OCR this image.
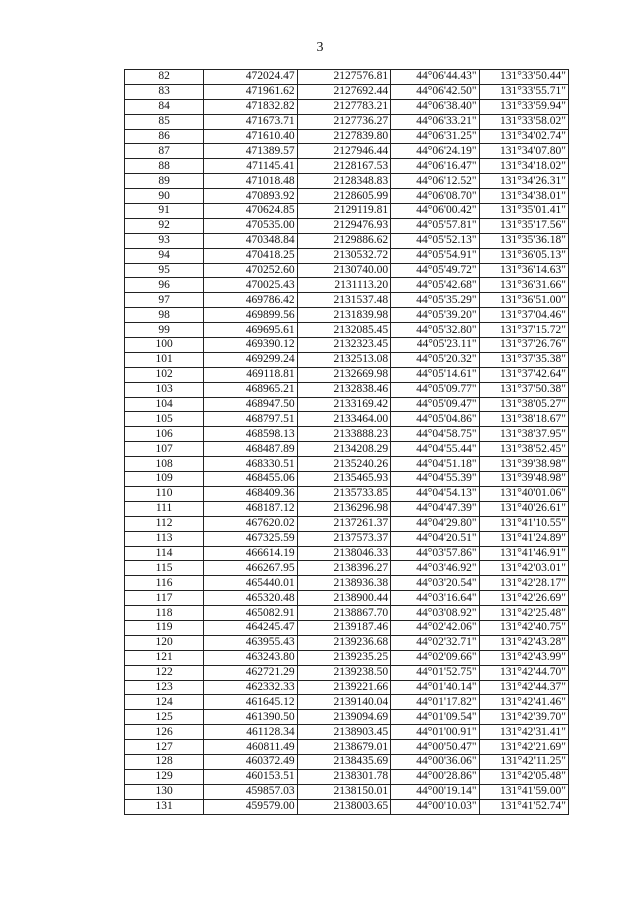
3
82	472024.47	2127576.81	44°06'44.43"	131°33'50.44"
83	471961.62	2127692.44	44°06'42.50"	131°33'55.71"
84	471832.82	2127783.21	44°06'38.40"	131°33'59.94"
85	471673.71	2127736.27	44°06'33.21"	131°33'58.02"
86	471610.40	2127839.80	44°06'31.25"	131°34'02.74"
87	471389.57	2127946.44	44°06'24.19"	131°34'07.80"
88	471145.41	2128167.53	44°06'16.47"	131°34'18.02"
89	471018.48	2128348.83	44°06'12.52"	131°34'26.31"
90	470893.92	2128605.99	44°06'08.70"	131°34'38.01"
91	470624.85	2129119.81	44°06'00.42"	131°35'01.41"
92	470535.00	2129476.93	44°05'57.81"	131°35'17.56"
93	470348.84	2129886.62	44°05'52.13"	131°35'36.18"
94	470418.25	2130532.72	44°05'54.91"	131°36'05.13"
95	470252.60	2130740.00	44°05'49.72"	131°36'14.63"
96	470025.43	2131113.20	44°05'42.68"	131°36'31.66"
97	469786.42	2131537.48	44°05'35.29"	131°36'51.00"
98	469899.56	2131839.98	44°05'39.20"	131°37'04.46"
99	469695.61	2132085.45	44°05'32.80"	131°37'15.72"
100	469390.12	2132323.45	44°05'23.11"	131°37'26.76"
101	469299.24	2132513.08	44°05'20.32"	131°37'35.38"
102	469118.81	2132669.98	44°05'14.61"	131°37'42.64"
103	468965.21	2132838.46	44°05'09.77"	131°37'50.38"
104	468947.50	2133169.42	44°05'09.47"	131°38'05.27"
105	468797.51	2133464.00	44°05'04.86"	131°38'18.67"
106	468598.13	2133888.23	44°04'58.75"	131°38'37.95"
107	468487.89	2134208.29	44°04'55.44"	131°38'52.45"
108	468330.51	2135240.26	44°04'51.18"	131°39'38.98"
109	468455.06	2135465.93	44°04'55.39"	131°39'48.98"
110	468409.36	2135733.85	44°04'54.13"	131°40'01.06"
111	468187.12	2136296.98	44°04'47.39"	131°40'26.61"
112	467620.02	2137261.37	44°04'29.80"	131°41'10.55"
113	467325.59	2137573.37	44°04'20.51"	131°41'24.89"
114	466614.19	2138046.33	44°03'57.86"	131°41'46.91"
115	466267.95	2138396.27	44°03'46.92"	131°42'03.01"
116	465440.01	2138936.38	44°03'20.54"	131°42'28.17"
117	465320.48	2138900.44	44°03'16.64"	131°42'26.69"
118	465082.91	2138867.70	44°03'08.92"	131°42'25.48"
119	464245.47	2139187.46	44°02'42.06"	131°42'40.75"
120	463955.43	2139236.68	44°02'32.71"	131°42'43.28"
121	463243.80	2139235.25	44°02'09.66"	131°42'43.99"
122	462721.29	2139238.50	44°01'52.75"	131°42'44.70"
123	462332.33	2139221.66	44°01'40.14"	131°42'44.37"
124	461645.12	2139140.04	44°01'17.82"	131°42'41.46"
125	461390.50	2139094.69	44°01'09.54"	131°42'39.70"
126	461128.34	2138903.45	44°01'00.91"	131°42'31.41"
127	460811.49	2138679.01	44°00'50.47"	131°42'21.69"
128	460372.49	2138435.69	44°00'36.06"	131°42'11.25"
129	460153.51	2138301.78	44°00'28.86"	131°42'05.48"
130	459857.03	2138150.01	44°00'19.14"	131°41'59.00"
131	459579.00	2138003.65	44°00'10.03"	131°41'52.74"
